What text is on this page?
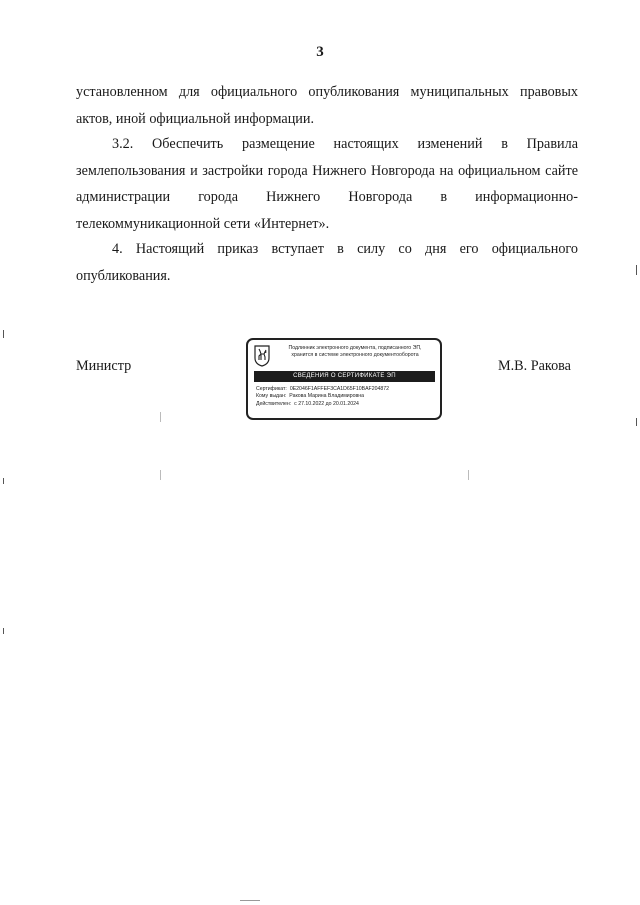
3
установленном для официального опубликования муниципальных правовых актов, иной официальной информации.
3.2. Обеспечить размещение настоящих изменений в Правила землепользования и застройки города Нижнего Новгорода на официальном сайте администрации города Нижнего Новгорода в информационно-телекоммуникационной сети «Интернет».
4. Настоящий приказ вступает в силу со дня его официального опубликования.
Министр	М.В. Ракова
Подлинник электронного документа, подписанного ЭП,
хранится в системе электронного документооборота
СВЕДЕНИЯ О СЕРТИФИКАТЕ ЭП
Сертификат: 0E2046F1AFFEF3CA1D65F10BAF204872
Кому выдан: Ракова Марина Владимировна
Действителен: с 27.10.2022 до 20.01.2024
